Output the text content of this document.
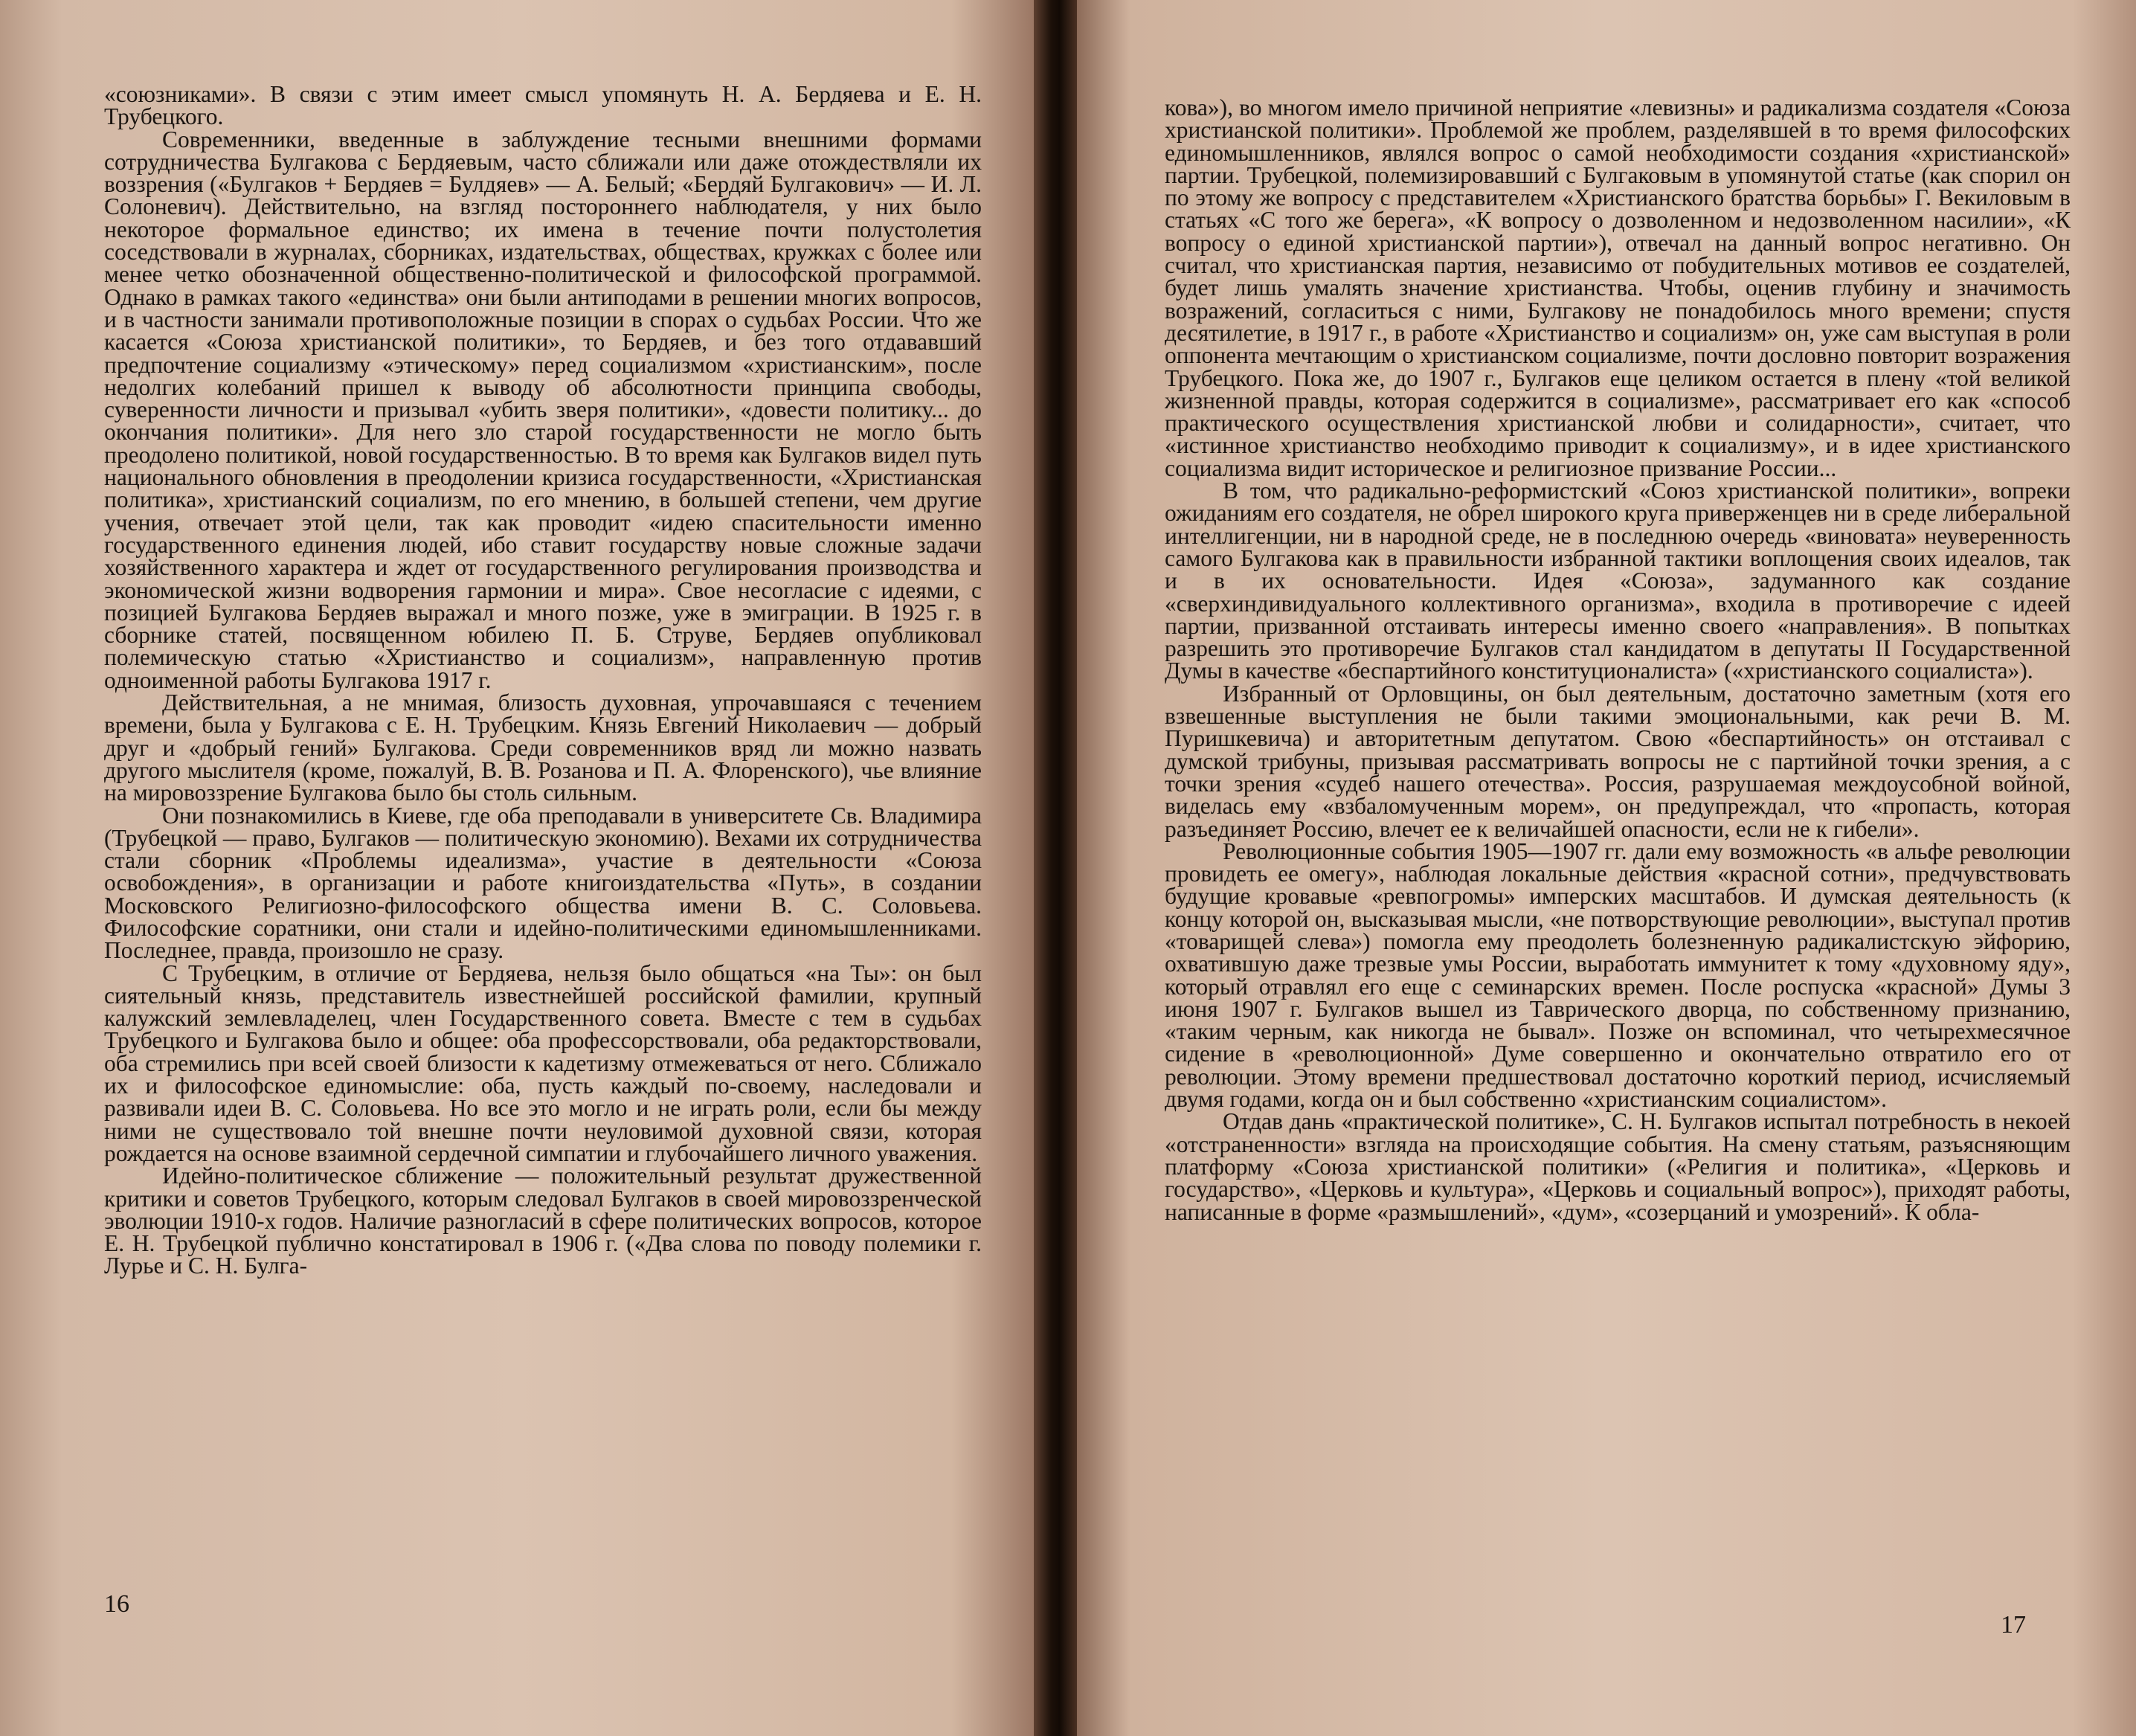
«союзниками». В связи с этим имеет смысл упомянуть Н. А. Бердяева и Е. Н. Трубецкого.

Современники, введенные в заблуждение тесными внешними формами сотрудничества Булгакова с Бердяевым, часто сближали или даже отождествляли их воззрения («Булгаков + Бердяев = Булдяев» — А. Белый; «Бердяй Булгакович» — И. Л. Солоневич). Действительно, на взгляд постороннего наблюдателя, у них было некоторое формальное единство; их имена в течение почти полустолетия соседствовали в журналах, сборниках, издательствах, обществах, кружках с более или менее четко обозначенной общественно-политической и философской программой. Однако в рамках такого «единства» они были антиподами в решении многих вопросов, и в частности занимали противоположные позиции в спорах о судьбах России. Что же касается «Союза христианской политики», то Бердяев, и без того отдававший предпочтение социализму «этическому» перед социализмом «христианским», после недолгих колебаний пришел к выводу об абсолютности принципа свободы, суверенности личности и призывал «убить зверя политики», «довести политику... до окончания политики». Для него зло старой государственности не могло быть преодолено политикой, новой государственностью. В то время как Булгаков видел путь национального обновления в преодолении кризиса государственности, «Христианская политика», христианский социализм, по его мнению, в большей степени, чем другие учения, отвечает этой цели, так как проводит «идею спасительности именно государственного единения людей, ибо ставит государству новые сложные задачи хозяйственного характера и ждет от государственного регулирования производства и экономической жизни водворения гармонии и мира». Свое несогласие с идеями, с позицией Булгакова Бердяев выражал и много позже, уже в эмиграции. В 1925 г. в сборнике статей, посвященном юбилею П. Б. Струве, Бердяев опубликовал полемическую статью «Христианство и социализм», направленную против одноименной работы Булгакова 1917 г.

Действительная, а не мнимая, близость духовная, упрочавшаяся с течением времени, была у Булгакова с Е. Н. Трубецким. Князь Евгений Николаевич — добрый друг и «добрый гений» Булгакова. Среди современников вряд ли можно назвать другого мыслителя (кроме, пожалуй, В. В. Розанова и П. А. Флоренского), чье влияние на мировоззрение Булгакова было бы столь сильным.

Они познакомились в Киеве, где оба преподавали в университете Св. Владимира (Трубецкой — право, Булгаков — политическую экономию). Вехами их сотрудничества стали сборник «Проблемы идеализма», участие в деятельности «Союза освобождения», в организации и работе книгоиздательства «Путь», в создании Московского Религиозно-философского общества имени В. С. Соловьева. Философские соратники, они стали и идейно-политическими единомышленниками. Последнее, правда, произошло не сразу.

С Трубецким, в отличие от Бердяева, нельзя было общаться «на Ты»: он был сиятельный князь, представитель известнейшей российской фамилии, крупный калужский землевладелец, член Государственного совета. Вместе с тем в судьбах Трубецкого и Булгакова было и общее: оба профессорствовали, оба редакторствовали, оба стремились при всей своей близости к кадетизму отмежеваться от него. Сближало их и философское единомыслие: оба, пусть каждый по-своему, наследовали и развивали идеи В. С. Соловьева. Но все это могло и не играть роли, если бы между ними не существовало той внешне почти неуловимой духовной связи, которая рождается на основе взаимной сердечной симпатии и глубочайшего личного уважения.

Идейно-политическое сближение — положительный результат дружественной критики и советов Трубецкого, которым следовал Булгаков в своей мировоззренческой эволюции 1910-х годов. Наличие разногласий в сфере политических вопросов, которое Е. Н. Трубецкой публично констатировал в 1906 г. («Два слова по поводу полемики г. Лурье и С. Н. Булга-

16

кова»), во многом имело причиной неприятие «левизны» и радикализма создателя «Союза христианской политики». Проблемой же проблем, разделявшей в то время философских единомышленников, являлся вопрос о самой необходимости создания «христианской» партии. Трубецкой, полемизировавший с Булгаковым в упомянутой статье (как спорил он по этому же вопросу с представителем «Христианского братства борьбы» Г. Векиловым в статьях «С того же берега», «К вопросу о дозволенном и недозволенном насилии», «К вопросу о единой христианской партии»), отвечал на данный вопрос негативно. Он считал, что христианская партия, независимо от побудительных мотивов ее создателей, будет лишь умалять значение христианства. Чтобы, оценив глубину и значимость возражений, согласиться с ними, Булгакову не понадобилось много времени; спустя десятилетие, в 1917 г., в работе «Христианство и социализм» он, уже сам выступая в роли оппонента мечтающим о христианском социализме, почти дословно повторит возражения Трубецкого. Пока же, до 1907 г., Булгаков еще целиком остается в плену «той великой жизненной правды, которая содержится в социализме», рассматривает его как «способ практического осуществления христианской любви и солидарности», считает, что «истинное христианство необходимо приводит к социализму», и в идее христианского социализма видит историческое и религиозное призвание России...

В том, что радикально-реформистский «Союз христианской политики», вопреки ожиданиям его создателя, не обрел широкого круга приверженцев ни в среде либеральной интеллигенции, ни в народной среде, не в последнюю очередь «виновата» неуверенность самого Булгакова как в правильности избранной тактики воплощения своих идеалов, так и в их основательности. Идея «Союза», задуманного как создание «сверхиндивидуального коллективного организма», входила в противоречие с идеей партии, призванной отстаивать интересы именно своего «направления». В попытках разрешить это противоречие Булгаков стал кандидатом в депутаты II Государственной Думы в качестве «беспартийного конституционалиста» («христианского социалиста»).

Избранный от Орловщины, он был деятельным, достаточно заметным (хотя его взвешенные выступления не были такими эмоциональными, как речи В. М. Пуришкевича) и авторитетным депутатом. Свою «беспартийность» он отстаивал с думской трибуны, призывая рассматривать вопросы не с партийной точки зрения, а с точки зрения «судеб нашего отечества». Россия, разрушаемая междоусобной войной, виделась ему «взбаломученным морем», он предупреждал, что «пропасть, которая разъединяет Россию, влечет ее к величайшей опасности, если не к гибели».

Революционные события 1905—1907 гг. дали ему возможность «в альфе революции провидеть ее омегу», наблюдая локальные действия «красной сотни», предчувствовать будущие кровавые «ревпогромы» имперских масштабов. И думская деятельность (к концу которой он, высказывая мысли, «не потворствующие революции», выступал против «товарищей слева») помогла ему преодолеть болезненную радикалистскую эйфорию, охватившую даже трезвые умы России, выработать иммунитет к тому «духовному яду», который отравлял его еще с семинарских времен. После роспуска «красной» Думы 3 июня 1907 г. Булгаков вышел из Таврического дворца, по собственному признанию, «таким черным, как никогда не бывал». Позже он вспоминал, что четырехмесячное сидение в «революционной» Думе совершенно и окончательно отвратило его от революции. Этому времени предшествовал достаточно короткий период, исчисляемый двумя годами, когда он и был собственно «христианским социалистом».

Отдав дань «практической политике», С. Н. Булгаков испытал потребность в некоей «отстраненности» взгляда на происходящие события. На смену статьям, разъясняющим платформу «Союза христианской политики» («Религия и политика», «Церковь и государство», «Церковь и культура», «Церковь и социальный вопрос»), приходят работы, написанные в форме «размышлений», «дум», «созерцаний и умозрений». К обла-

17
